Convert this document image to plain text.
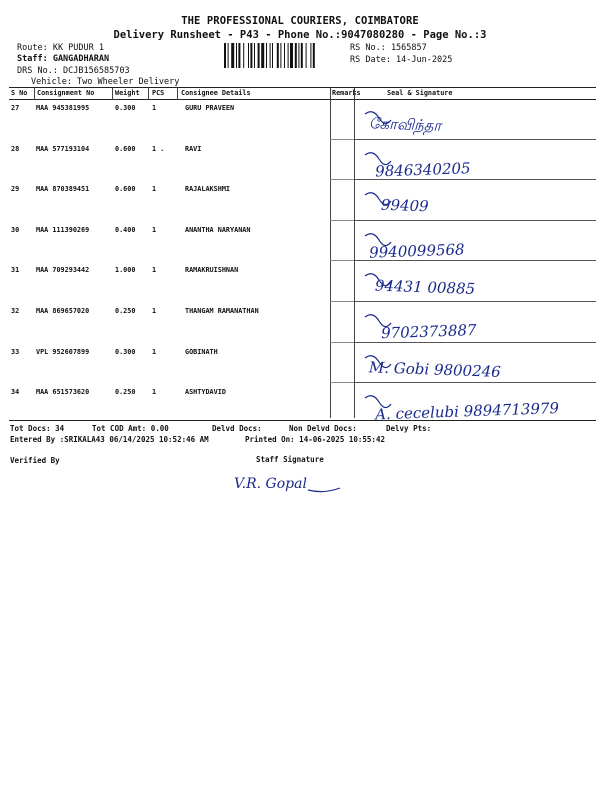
THE PROFESSIONAL COURIERS, COIMBATORE
Delivery Runsheet - P43 - Phone No.:9047080280 - Page No.:3
Route: KK PUDUR 1
Staff: GANGADHARAN
DRS No.: DCJB156585703
Vehicle: Two Wheeler Delivery
RS No.: 1565857
RS Date: 14-Jun-2025
S No Consignment No	Weight PCS Consignee Details	Remarks	Seal & Signature
27 MAA 945381995	0.300 1	GURU PRAVEEN
கோவிந்தா
28 MAA 577193104	0.600 1 .	RAVI
9846340205
29 MAA 870389451	0.600 1	RAJALAKSHMI
99409
30 MAA 111390269	0.400 1	ANANTHA NARYANAN
9940099568
31 MAA 709293442	1.000 1	RAMAKRUISHNAN
94431 00885
32 MAA 869657020	0.250 1	THANGAM RAMANATHAN
9702373887
33 VPL 952607899	0.300 1	GOBINATH
M. Gobi 9800246
34 MAA 651573620	0.250 1	ASHTYDAVID
A. cecelubi 9894713979
Tot Docs: 34	Tot COD Amt: 0.00	Delvd Docs:	Non Delvd Docs:	Delvy Pts:
Entered By :SRIKALA43 06/14/2025 10:52:46 AM	Printed On: 14-06-2025 10:55:42
Verified By	Staff Signature
V.R. Gopal
